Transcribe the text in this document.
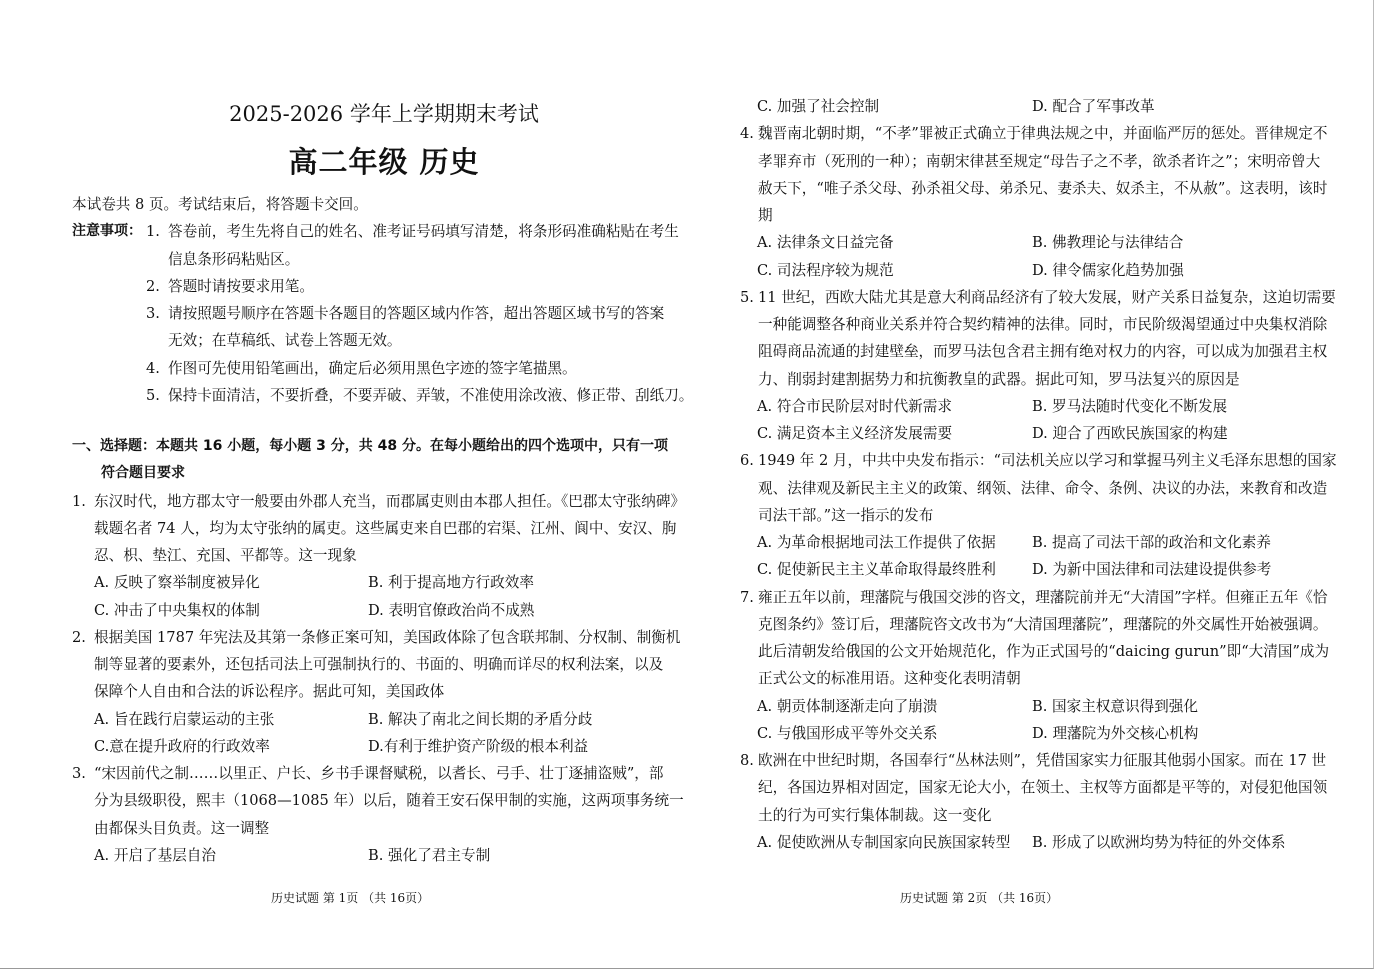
2025-2026 学年上学期期末考试
高二年级 历史
本试卷共 8 页。考试结束后，将答题卡交回。
注意事项： 1. 答卷前，考生先将自己的姓名、准考证号码填写清楚，将条形码准确粘贴在考生
信息条形码粘贴区。
2. 答题时请按要求用笔。
3. 请按照题号顺序在答题卡各题目的答题区域内作答，超出答题区域书写的答案
无效；在草稿纸、试卷上答题无效。
4. 作图可先使用铅笔画出，确定后必须用黑色字迹的签字笔描黑。
5. 保持卡面清洁，不要折叠，不要弄破、弄皱，不准使用涂改液、修正带、刮纸刀。
一、选择题：本题共 16 小题，每小题 3 分，共 48 分。在每小题给出的四个选项中，只有一项
符合题目要求
1. 东汉时代，地方郡太守一般要由外郡人充当，而郡属吏则由本郡人担任。《巴郡太守张纳碑》
载题名者 74 人，均为太守张纳的属吏。这些属吏来自巴郡的宕渠、江州、阆中、安汉、朐
忍、枳、垫江、充国、平都等。这一现象
A. 反映了察举制度被异化	B. 利于提高地方行政效率
C. 冲击了中央集权的体制	D. 表明官僚政治尚不成熟
2. 根据美国 1787 年宪法及其第一条修正案可知，美国政体除了包含联邦制、分权制、制衡机
制等显著的要素外，还包括司法上可强制执行的、书面的、明确而详尽的权利法案，以及
保障个人自由和合法的诉讼程序。据此可知，美国政体
A. 旨在践行启蒙运动的主张	B. 解决了南北之间长期的矛盾分歧
C.意在提升政府的行政效率	D.有利于维护资产阶级的根本利益
3. “宋因前代之制……以里正、户长、乡书手课督赋税，以耆长、弓手、壮丁逐捕盗贼”，部
分为县级职役，熙丰（1068—1085 年）以后，随着王安石保甲制的实施，这两项事务统一
由都保头目负责。这一调整
A. 开启了基层自治	B. 强化了君主专制
历史试题 第 1页 （共 16页）
C. 加强了社会控制	D. 配合了军事改革
4. 魏晋南北朝时期，“不孝”罪被正式确立于律典法规之中，并面临严厉的惩处。晋律规定不
孝罪弃市（死刑的一种）；南朝宋律甚至规定“母告子之不孝，欲杀者许之”；宋明帝曾大
赦天下，“唯子杀父母、孙杀祖父母、弟杀兄、妻杀夫、奴杀主，不从赦”。这表明，该时
期
A. 法律条文日益完备	B. 佛教理论与法律结合
C. 司法程序较为规范	D. 律令儒家化趋势加强
5. 11 世纪，西欧大陆尤其是意大利商品经济有了较大发展，财产关系日益复杂，这迫切需要
一种能调整各种商业关系并符合契约精神的法律。同时，市民阶级渴望通过中央集权消除
阻碍商品流通的封建壁垒，而罗马法包含君主拥有绝对权力的内容，可以成为加强君主权
力、削弱封建割据势力和抗衡教皇的武器。据此可知，罗马法复兴的原因是
A. 符合市民阶层对时代新需求	B. 罗马法随时代变化不断发展
C. 满足资本主义经济发展需要	D. 迎合了西欧民族国家的构建
6. 1949 年 2 月，中共中央发布指示：“司法机关应以学习和掌握马列主义毛泽东思想的国家
观、法律观及新民主主义的政策、纲领、法律、命令、条例、决议的办法，来教育和改造
司法干部。”这一指示的发布
A. 为革命根据地司法工作提供了依据 B. 提高了司法干部的政治和文化素养
C. 促使新民主主义革命取得最终胜利 D. 为新中国法律和司法建设提供参考
7. 雍正五年以前，理藩院与俄国交涉的咨文，理藩院前并无“大清国”字样。但雍正五年《恰
克图条约》签订后，理藩院咨文改书为“大清国理藩院”，理藩院的外交属性开始被强调。
此后清朝发给俄国的公文开始规范化，作为正式国号的“daicing gurun”即“大清国”成为
正式公文的标准用语。这种变化表明清朝
A. 朝贡体制逐渐走向了崩溃	B. 国家主权意识得到强化
C. 与俄国形成平等外交关系	D. 理藩院为外交核心机构
8. 欧洲在中世纪时期，各国奉行“丛林法则”，凭借国家实力征服其他弱小国家。而在 17 世
纪，各国边界相对固定，国家无论大小，在领土、主权等方面都是平等的，对侵犯他国领
土的行为可实行集体制裁。这一变化
A. 促使欧洲从专制国家向民族国家转型 B. 形成了以欧洲均势为特征的外交体系
历史试题 第 2页 （共 16页）
